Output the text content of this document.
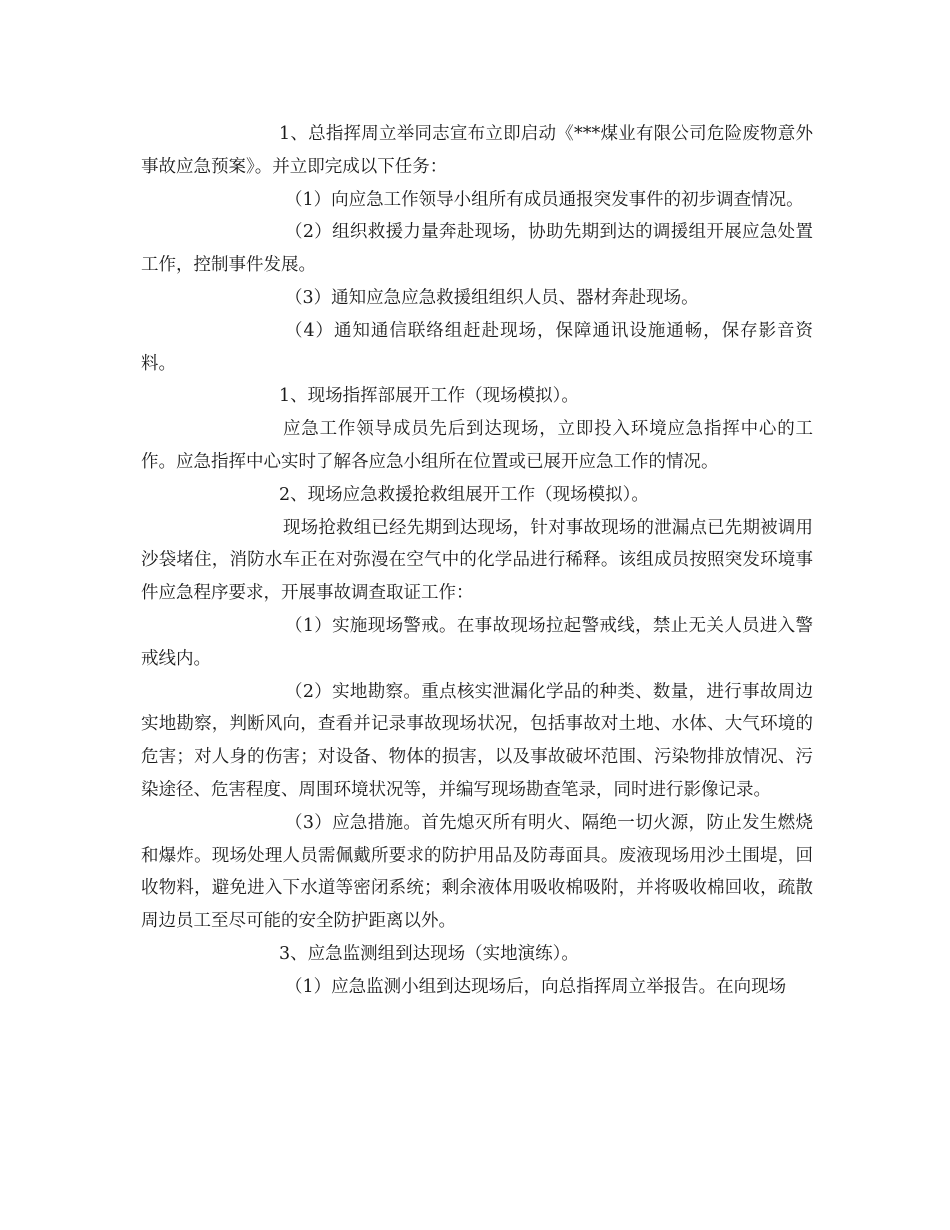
1、总指挥周立举同志宣布立即启动《***煤业有限公司危险废物意外事故应急预案》。并立即完成以下任务：

（1）向应急工作领导小组所有成员通报突发事件的初步调查情况。

（2）组织救援力量奔赴现场，协助先期到达的调援组开展应急处置工作，控制事件发展。

（3）通知应急应急救援组组织人员、器材奔赴现场。

（4）通知通信联络组赶赴现场，保障通讯设施通畅，保存影音资料。

1、现场指挥部展开工作（现场模拟）。

应急工作领导成员先后到达现场，立即投入环境应急指挥中心的工作。应急指挥中心实时了解各应急小组所在位置或已展开应急工作的情况。

2、现场应急救援抢救组展开工作（现场模拟）。

现场抢救组已经先期到达现场，针对事故现场的泄漏点已先期被调用沙袋堵住，消防水车正在对弥漫在空气中的化学品进行稀释。该组成员按照突发环境事件应急程序要求，开展事故调查取证工作：

（1）实施现场警戒。在事故现场拉起警戒线，禁止无关人员进入警戒线内。

（2）实地勘察。重点核实泄漏化学品的种类、数量，进行事故周边实地勘察，判断风向，查看并记录事故现场状况，包括事故对土地、水体、大气环境的危害；对人身的伤害；对设备、物体的损害，以及事故破坏范围、污染物排放情况、污染途径、危害程度、周围环境状况等，并编写现场勘查笔录，同时进行影像记录。

（3）应急措施。首先熄灭所有明火、隔绝一切火源，防止发生燃烧和爆炸。现场处理人员需佩戴所要求的防护用品及防毒面具。废液现场用沙土围堤，回收物料，避免进入下水道等密闭系统；剩余液体用吸收棉吸附，并将吸收棉回收，疏散周边员工至尽可能的安全防护距离以外。

3、应急监测组到达现场（实地演练）。

（1）应急监测小组到达现场后，向总指挥周立举报告。在向现场
